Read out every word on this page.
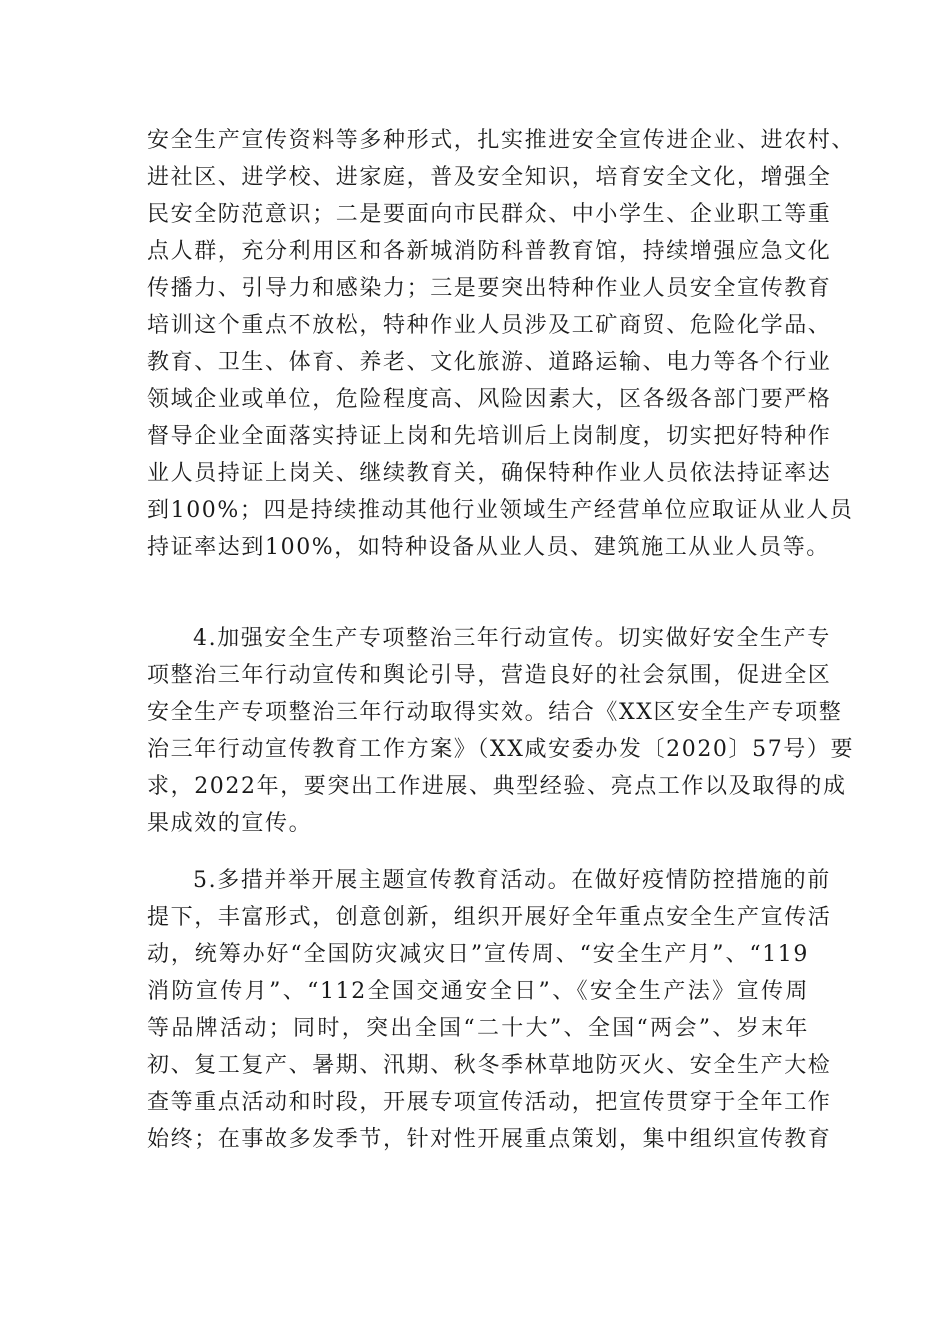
安全生产宣传资料等多种形式，扎实推进安全宣传进企业、进农村、
进社区、进学校、进家庭，普及安全知识，培育安全文化，增强全
民安全防范意识；二是要面向市民群众、中小学生、企业职工等重
点人群，充分利用区和各新城消防科普教育馆，持续增强应急文化
传播力、引导力和感染力；三是要突出特种作业人员安全宣传教育
培训这个重点不放松，特种作业人员涉及工矿商贸、危险化学品、
教育、卫生、体育、养老、文化旅游、道路运输、电力等各个行业
领域企业或单位，危险程度高、风险因素大，区各级各部门要严格
督导企业全面落实持证上岗和先培训后上岗制度，切实把好特种作
业人员持证上岗关、继续教育关，确保特种作业人员依法持证率达
到100%；四是持续推动其他行业领域生产经营单位应取证从业人员
持证率达到100%，如特种设备从业人员、建筑施工从业人员等。
4.加强安全生产专项整治三年行动宣传。切实做好安全生产专
项整治三年行动宣传和舆论引导，营造良好的社会氛围，促进全区
安全生产专项整治三年行动取得实效。结合《XX区安全生产专项整
治三年行动宣传教育工作方案》（XX咸安委办发〔2020〕57号）要
求，2022年，要突出工作进展、典型经验、亮点工作以及取得的成
果成效的宣传。
5.多措并举开展主题宣传教育活动。在做好疫情防控措施的前
提下，丰富形式，创意创新，组织开展好全年重点安全生产宣传活
动，统筹办好“全国防灾减灾日”宣传周、“安全生产月”、“119
消防宣传月”、“112全国交通安全日”、《安全生产法》宣传周
等品牌活动；同时，突出全国“二十大”、全国“两会”、岁末年
初、复工复产、暑期、汛期、秋冬季林草地防灭火、安全生产大检
查等重点活动和时段，开展专项宣传活动，把宣传贯穿于全年工作
始终；在事故多发季节，针对性开展重点策划，集中组织宣传教育
